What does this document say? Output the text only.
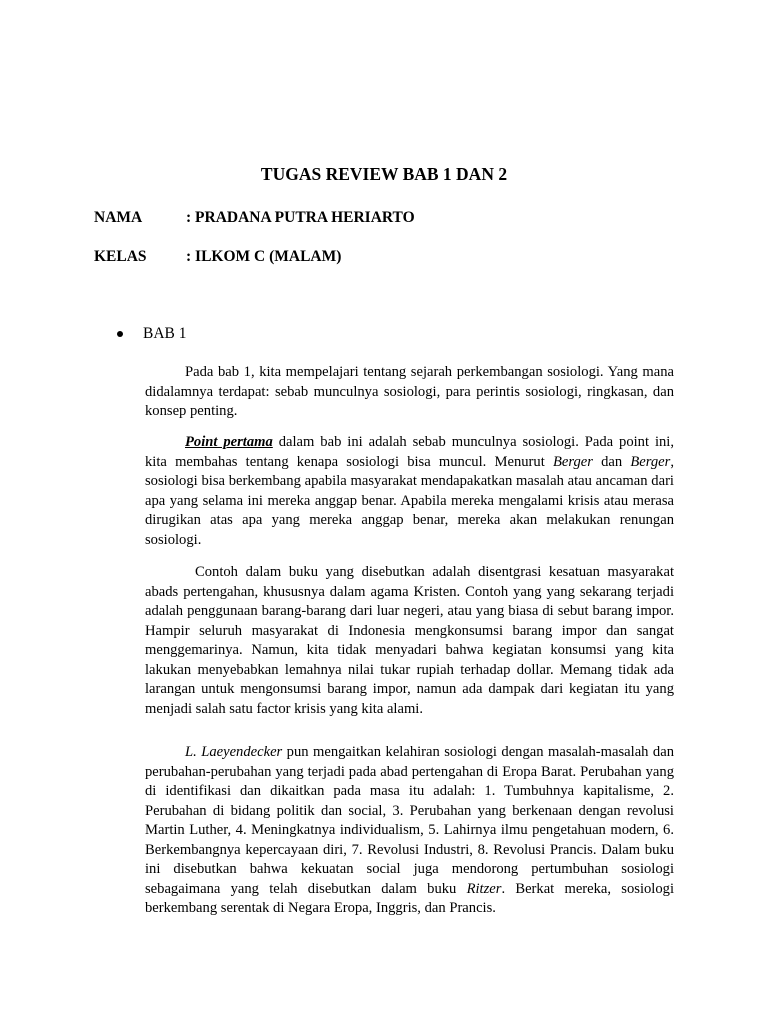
TUGAS REVIEW BAB 1 DAN 2
NAMA	: PRADANA PUTRA HERIARTO
KELAS	: ILKOM C (MALAM)
BAB 1

Pada bab 1, kita mempelajari tentang sejarah perkembangan sosiologi. Yang mana didalamnya terdapat: sebab munculnya sosiologi, para perintis sosiologi, ringkasan, dan konsep penting.

Point pertama dalam bab ini adalah sebab munculnya sosiologi. Pada point ini, kita membahas tentang kenapa sosiologi bisa muncul. Menurut Berger dan Berger, sosiologi bisa berkembang apabila masyarakat mendapakatkan masalah atau ancaman dari apa yang selama ini mereka anggap benar. Apabila mereka mengalami krisis atau merasa dirugikan atas apa yang mereka anggap benar, mereka akan melakukan renungan sosiologi.

Contoh dalam buku yang disebutkan adalah disentgrasi kesatuan masyarakat abads pertengahan, khususnya dalam agama Kristen. Contoh yang yang sekarang terjadi adalah penggunaan barang-barang dari luar negeri, atau yang biasa di sebut barang impor. Hampir seluruh masyarakat di Indonesia mengkonsumsi barang impor dan sangat menggemarinya. Namun, kita tidak menyadari bahwa kegiatan konsumsi yang kita lakukan menyebabkan lemahnya nilai tukar rupiah terhadap dollar. Memang tidak ada larangan untuk mengonsumsi barang impor, namun ada dampak dari kegiatan itu yang menjadi salah satu factor krisis yang kita alami.

L. Laeyendecker pun mengaitkan kelahiran sosiologi dengan masalah-masalah dan perubahan-perubahan yang terjadi pada abad pertengahan di Eropa Barat. Perubahan yang di identifikasi dan dikaitkan pada masa itu adalah: 1. Tumbuhnya kapitalisme, 2. Perubahan di bidang politik dan social, 3. Perubahan yang berkenaan dengan revolusi Martin Luther, 4. Meningkatnya individualism, 5. Lahirnya ilmu pengetahuan modern, 6. Berkembangnya kepercayaan diri, 7. Revolusi Industri, 8. Revolusi Prancis. Dalam buku ini disebutkan bahwa kekuatan social juga mendorong pertumbuhan sosiologi sebagaimana yang telah disebutkan dalam buku Ritzer. Berkat mereka, sosiologi berkembang serentak di Negara Eropa, Inggris, dan Prancis.
